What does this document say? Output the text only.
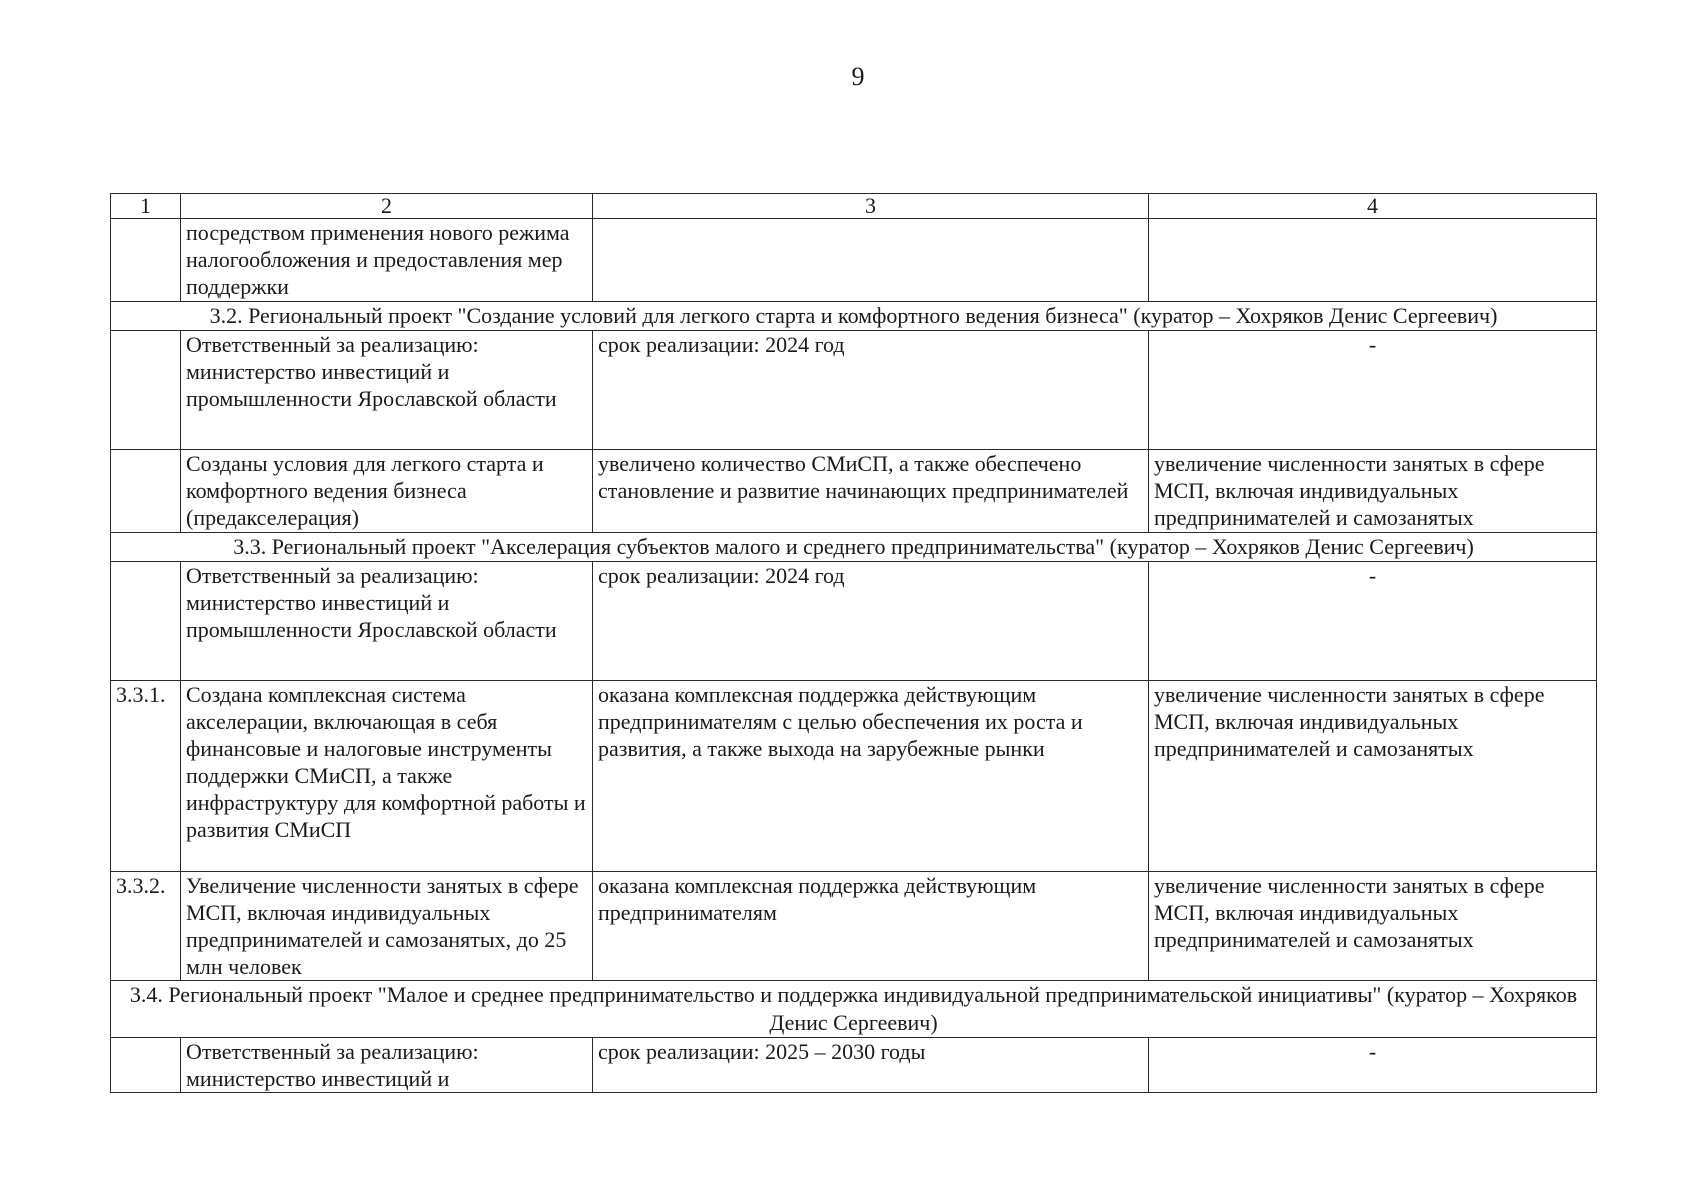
9
1	2	3	4
	посредством применения нового режима налогообложения и предоставления мер поддержки		
3.2. Региональный проект "Создание условий для легкого старта и комфортного ведения бизнеса" (куратор – Хохряков Денис Сергеевич)			
	Ответственный за реализацию: министерство инвестиций и промышленности Ярославской области	срок реализации: 2024 год	-
	Созданы условия для легкого старта и комфортного ведения бизнеса (предакселерация)	увеличено количество СМиСП, а также обеспечено становление и развитие начинающих предпринимателей	увеличение численности занятых в сфере МСП, включая индивидуальных предпринимателей и самозанятых
3.3. Региональный проект "Акселерация субъектов малого и среднего предпринимательства" (куратор – Хохряков Денис Сергеевич)			
	Ответственный за реализацию: министерство инвестиций и промышленности Ярославской области	срок реализации: 2024 год	-
3.3.1.	Создана комплексная система акселерации, включающая в себя финансовые и налоговые инструменты поддержки СМиСП, а также инфраструктуру для комфортной работы и развития СМиСП	оказана комплексная поддержка действующим предпринимателям с целью обеспечения их роста и развития, а также выхода на зарубежные рынки	увеличение численности занятых в сфере МСП, включая индивидуальных предпринимателей и самозанятых
3.3.2.	Увеличение численности занятых в сфере МСП, включая индивидуальных предпринимателей и самозанятых, до 25 млн человек	оказана комплексная поддержка действующим предпринимателям	увеличение численности занятых в сфере МСП, включая индивидуальных предпринимателей и самозанятых
3.4. Региональный проект "Малое и среднее предпринимательство и поддержка индивидуальной предпринимательской инициативы" (куратор – Хохряков Денис Сергеевич)			
	Ответственный за реализацию: министерство инвестиций и	срок реализации: 2025 – 2030 годы	-
